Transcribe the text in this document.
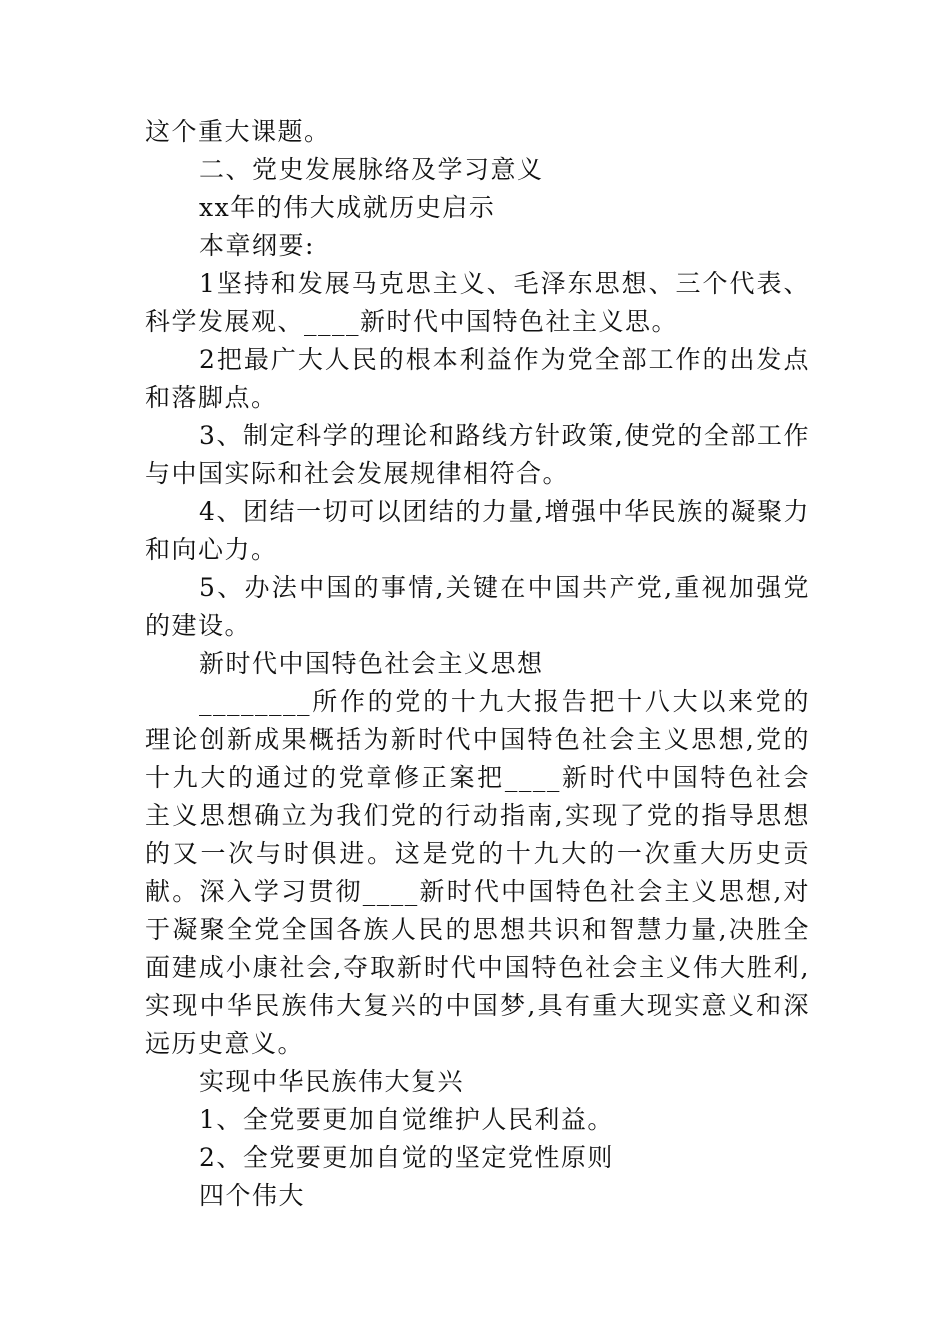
这个重大课题。

二、党史发展脉络及学习意义

xx年的伟大成就历史启示

本章纲要:

1坚持和发展马克思主义、毛泽东思想、三个代表、科学发展观、____新时代中国特色社主义思。

2把最广大人民的根本利益作为党全部工作的出发点和落脚点。

3、制定科学的理论和路线方针政策,使党的全部工作与中国实际和社会发展规律相符合。

4、团结一切可以团结的力量,增强中华民族的凝聚力和向心力。

5、办法中国的事情,关键在中国共产党,重视加强党的建设。

新时代中国特色社会主义思想

________所作的党的十九大报告把十八大以来党的理论创新成果概括为新时代中国特色社会主义思想,党的十九大的通过的党章修正案把____新时代中国特色社会主义思想确立为我们党的行动指南,实现了党的指导思想的又一次与时俱进。这是党的十九大的一次重大历史贡献。深入学习贯彻____新时代中国特色社会主义思想,对于凝聚全党全国各族人民的思想共识和智慧力量,决胜全面建成小康社会,夺取新时代中国特色社会主义伟大胜利,实现中华民族伟大复兴的中国梦,具有重大现实意义和深远历史意义。

实现中华民族伟大复兴

1、全党要更加自觉维护人民利益。

2、全党要更加自觉的坚定党性原则

四个伟大
